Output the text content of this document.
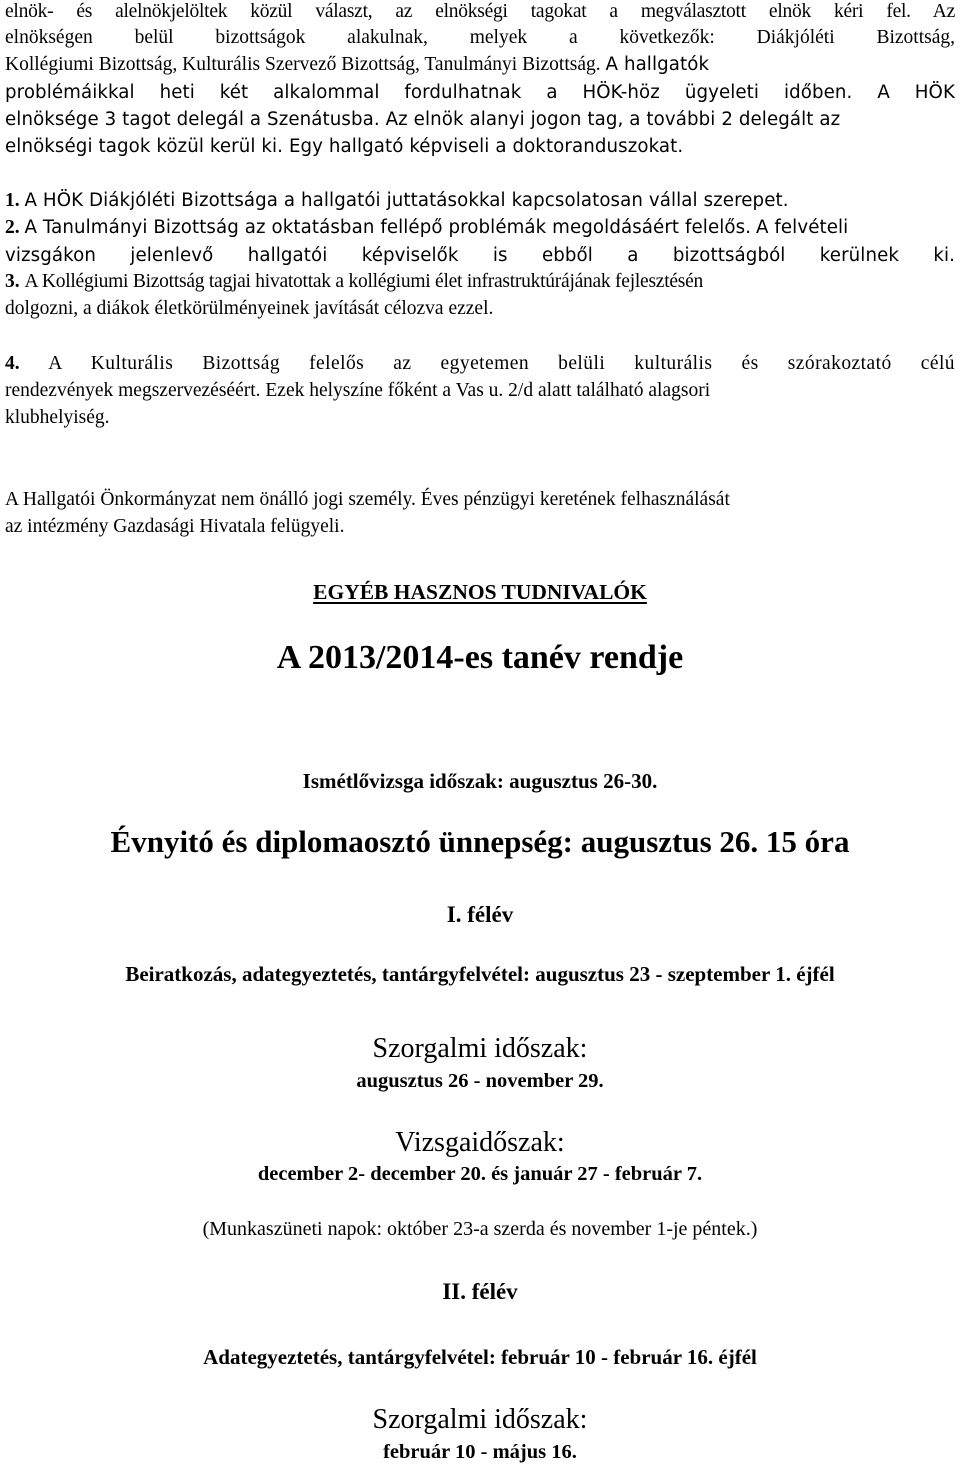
elnök- és alelnökjelöltek közül választ, az elnökségi tagokat a megválasztott elnök kéri fel. Az
elnökségen belül bizottságok alakulnak, melyek a következők: Diákjóléti Bizottság,
Kollégiumi Bizottság, Kulturális Szervező Bizottság, Tanulmányi Bizottság. A hallgatók
problémáikkal heti két alkalommal fordulhatnak a HÖK-höz ügyeleti időben. A HÖK
elnöksége 3 tagot delegál a Szenátusba. Az elnök alanyi jogon tag, a további 2 delegált az
elnökségi tagok közül kerül ki. Egy hallgató képviseli a doktoranduszokat.
1. A HÖK Diákjóléti Bizottsága a hallgatói juttatásokkal kapcsolatosan vállal szerepet.
2. A Tanulmányi Bizottság az oktatásban fellépő problémák megoldásáért felelős. A felvételi
vizsgákon jelenlevő hallgatói képviselők is ebből a bizottságból kerülnek ki.
3. A Kollégiumi Bizottság tagjai hivatottak a kollégiumi élet infrastruktúrájának fejlesztésén
dolgozni, a diákok életkörülményeinek javítását célozva ezzel.
4. A Kulturális Bizottság felelős az egyetemen belüli kulturális és szórakoztató célú
rendezvények megszervezéséért. Ezek helyszíne főként a Vas u. 2/d alatt található alagsori
klubhelyiség.
A Hallgatói Önkormányzat nem önálló jogi személy. Éves pénzügyi keretének felhasználását
az intézmény Gazdasági Hivatala felügyeli.
EGYÉB HASZNOS TUDNIVALÓK
A 2013/2014-es tanév rendje
Ismétlővizsga időszak: augusztus 26-30.
Évnyitó és diplomaosztó ünnepség: augusztus 26. 15 óra
I. félév
Beiratkozás, adategyeztetés, tantárgyfelvétel: augusztus 23 - szeptember 1. éjfél
Szorgalmi időszak:
augusztus 26 - november 29.
Vizsgaidőszak:
december 2- december 20. és január 27 - február 7.
(Munkaszüneti napok: október 23-a szerda és november 1-je péntek.)
II. félév
Adategyeztetés, tantárgyfelvétel: február 10 - február 16. éjfél
Szorgalmi időszak:
február 10 - május 16.
